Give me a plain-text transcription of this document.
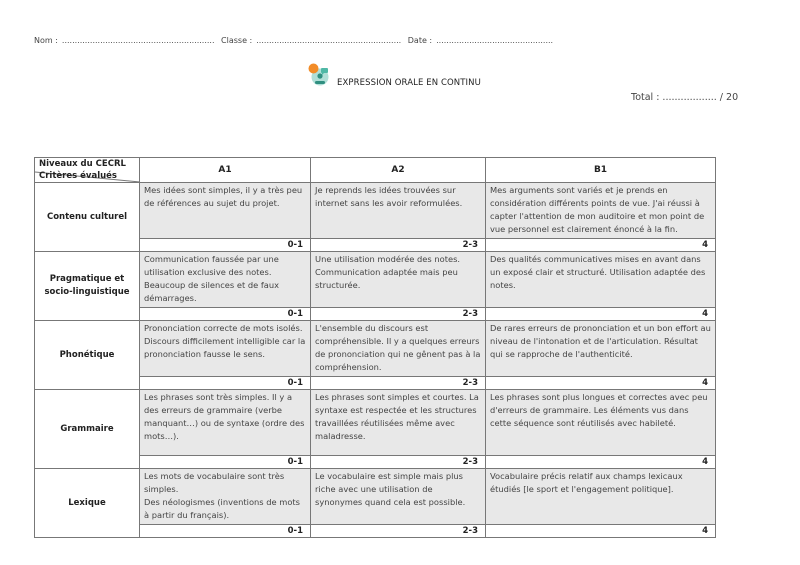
Nom : ............................................................ Classe : ......................................................... Date : ..............................................
EXPRESSION ORALE EN CONTINU
Total : .................. / 20
Niveaux du CECRL
Critères évalués	A1	A2	B1
Contenu culturel	Mes idées sont simples, il y a très peu de références au sujet du projet.	Je reprends les idées trouvées sur internet sans les avoir reformulées.	Mes arguments sont variés et je prends en considération différents points de vue. J'ai réussi à capter l'attention de mon auditoire et mon point de vue personnel est clairement énoncé à la fin.
	0-1	2-3	4
Pragmatique et socio-linguistique	Communication faussée par une utilisation exclusive des notes. Beaucoup de silences et de faux démarrages.	Une utilisation modérée des notes. Communication adaptée mais peu structurée.	Des qualités communicatives mises en avant dans un exposé clair et structuré. Utilisation adaptée des notes.
	0-1	2-3	4
Phonétique	Prononciation correcte de mots isolés.
Discours difficilement intelligible car la prononciation fausse le sens.	L'ensemble du discours est compréhensible. Il y a quelques erreurs de prononciation qui ne gênent pas à la compréhension.	De rares erreurs de prononciation et un bon effort au niveau de l'intonation et de l'articulation. Résultat qui se rapproche de l'authenticité.
	0-1	2-3	4
Grammaire	Les phrases sont très simples. Il y a des erreurs de grammaire (verbe manquant…) ou de syntaxe (ordre des mots…).	Les phrases sont simples et courtes. La syntaxe est respectée et les structures travaillées réutilisées même avec maladresse.	Les phrases sont plus longues et correctes avec peu d'erreurs de grammaire. Les éléments vus dans cette séquence sont réutilisés avec habileté.
	0-1	2-3	4
Lexique	Les mots de vocabulaire sont très simples.
Des néologismes (inventions de mots à partir du français).	Le vocabulaire est simple mais plus riche avec une utilisation de synonymes quand cela est possible.	Vocabulaire précis relatif aux champs lexicaux étudiés [le sport et l'engagement politique].
	0-1	2-3	4
